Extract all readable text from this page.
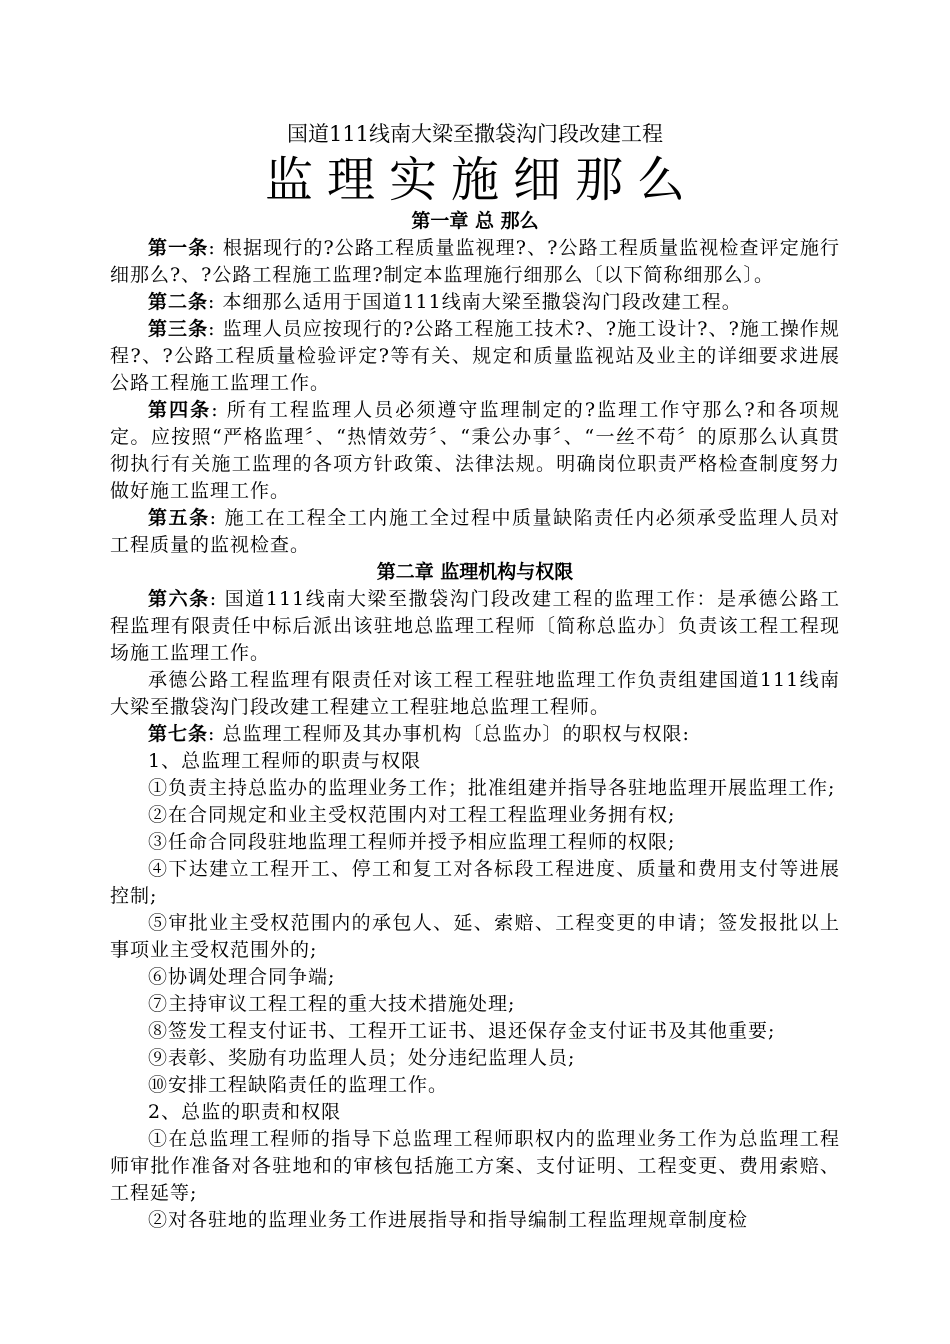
国道111线南大梁至撒袋沟门段改建工程

监理实施细那么
第一章 总 那么

第一条: 根据现行的?公路工程质量监视理?、?公路工程质量监视检查评定施行细那么?、?公路工程施工监理?制定本监理施行细那么〔以下简称细那么〕。

第二条: 本细那么适用于国道111线南大梁至撒袋沟门段改建工程。

第三条: 监理人员应按现行的?公路工程施工技术?、?施工设计?、?施工操作规程?、?公路工程质量检验评定?等有关、规定和质量监视站及业主的详细要求进展公路工程施工监理工作。

第四条: 所有工程监理人员必须遵守监理制定的?监理工作守那么?和各项规定。应按照“严格监理〞、“热情效劳〞、“秉公办事〞、“一丝不苟〞的原那么认真贯彻执行有关施工监理的各项方针政策、法律法规。明确岗位职责严格检查制度努力做好施工监理工作。

第五条: 施工在工程全工内施工全过程中质量缺陷责任内必须承受监理人员对工程质量的监视检查。

第二章 监理机构与权限

第六条: 国道111线南大梁至撒袋沟门段改建工程的监理工作：是承德公路工程监理有限责任中标后派出该驻地总监理工程师〔简称总监办〕负责该工程工程现场施工监理工作。

承德公路工程监理有限责任对该工程工程驻地监理工作负责组建国道111线南大梁至撒袋沟门段改建工程建立工程驻地总监理工程师。

第七条: 总监理工程师及其办事机构〔总监办〕的职权与权限:

1、总监理工程师的职责与权限

①负责主持总监办的监理业务工作；批准组建并指导各驻地监理开展监理工作;

②在合同规定和业主受权范围内对工程工程监理业务拥有权;

③任命合同段驻地监理工程师并授予相应监理工程师的权限;

④下达建立工程开工、停工和复工对各标段工程进度、质量和费用支付等进展控制;

⑤审批业主受权范围内的承包人、延、索赔、工程变更的申请；签发报批以上事项业主受权范围外的;

⑥协调处理合同争端;

⑦主持审议工程工程的重大技术措施处理;

⑧签发工程支付证书、工程开工证书、退还保存金支付证书及其他重要;

⑨表彰、奖励有功监理人员；处分违纪监理人员;

⑩安排工程缺陷责任的监理工作。

2、总监的职责和权限

①在总监理工程师的指导下总监理工程师职权内的监理业务工作为总监理工程师审批作准备对各驻地和的审核包括施工方案、支付证明、工程变更、费用索赔、工程延等;

②对各驻地的监理业务工作进展指导和指导编制工程监理规章制度检
